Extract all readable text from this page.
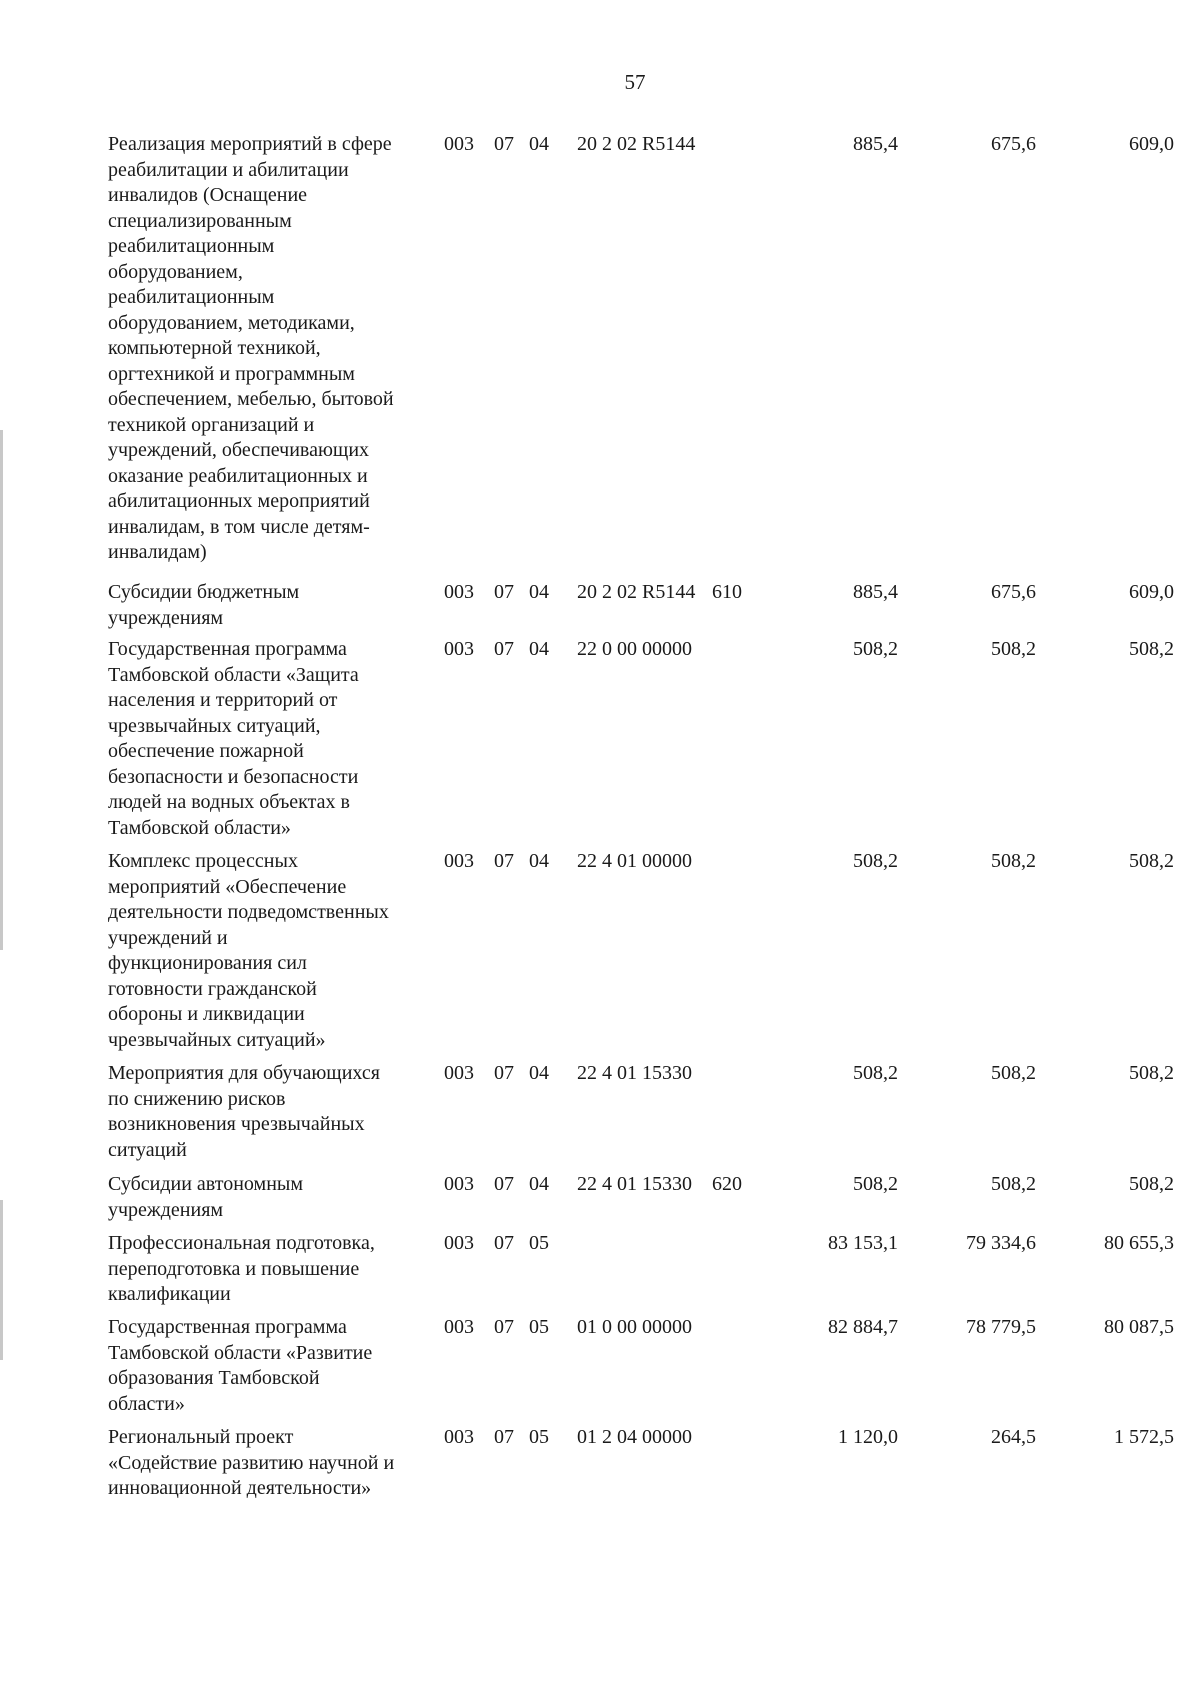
57
Реализация мероприятий в сфере
реабилитации и абилитации
инвалидов (Оснащение
специализированным
реабилитационным
оборудованием,
реабилитационным
оборудованием, методиками,
компьютерной техникой,
оргтехникой и программным
обеспечением, мебелью, бытовой
техникой организаций и
учреждений, обеспечивающих
оказание реабилитационных и
абилитационных мероприятий
инвалидам, в том числе детям-
инвалидам)
003 07 04 20 2 02 R5144	885,4	675,6	609,0
Субсидии бюджетным
учреждениям
003 07 04 20 2 02 R5144 610	885,4	675,6	609,0
Государственная программа
Тамбовской области «Защита
населения и территорий от
чрезвычайных ситуаций,
обеспечение пожарной
безопасности и безопасности
людей на водных объектах в
Тамбовской области»
003 07 04 22 0 00 00000	508,2	508,2	508,2
Комплекс процессных
мероприятий «Обеспечение
деятельности подведомственных
учреждений и
функционирования сил
готовности гражданской
обороны и ликвидации
чрезвычайных ситуаций»
003 07 04 22 4 01 00000	508,2	508,2	508,2
Мероприятия для обучающихся
по снижению рисков
возникновения чрезвычайных
ситуаций
003 07 04 22 4 01 15330	508,2	508,2	508,2
Субсидии автономным
учреждениям
003 07 04 22 4 01 15330 620	508,2	508,2	508,2
Профессиональная подготовка,
переподготовка и повышение
квалификации
003 07 05	83 153,1	79 334,6	80 655,3
Государственная программа
Тамбовской области «Развитие
образования Тамбовской
области»
003 07 05 01 0 00 00000	82 884,7	78 779,5	80 087,5
Региональный проект
«Содействие развитию научной и
инновационной деятельности»
003 07 05 01 2 04 00000	1 120,0	264,5	1 572,5
